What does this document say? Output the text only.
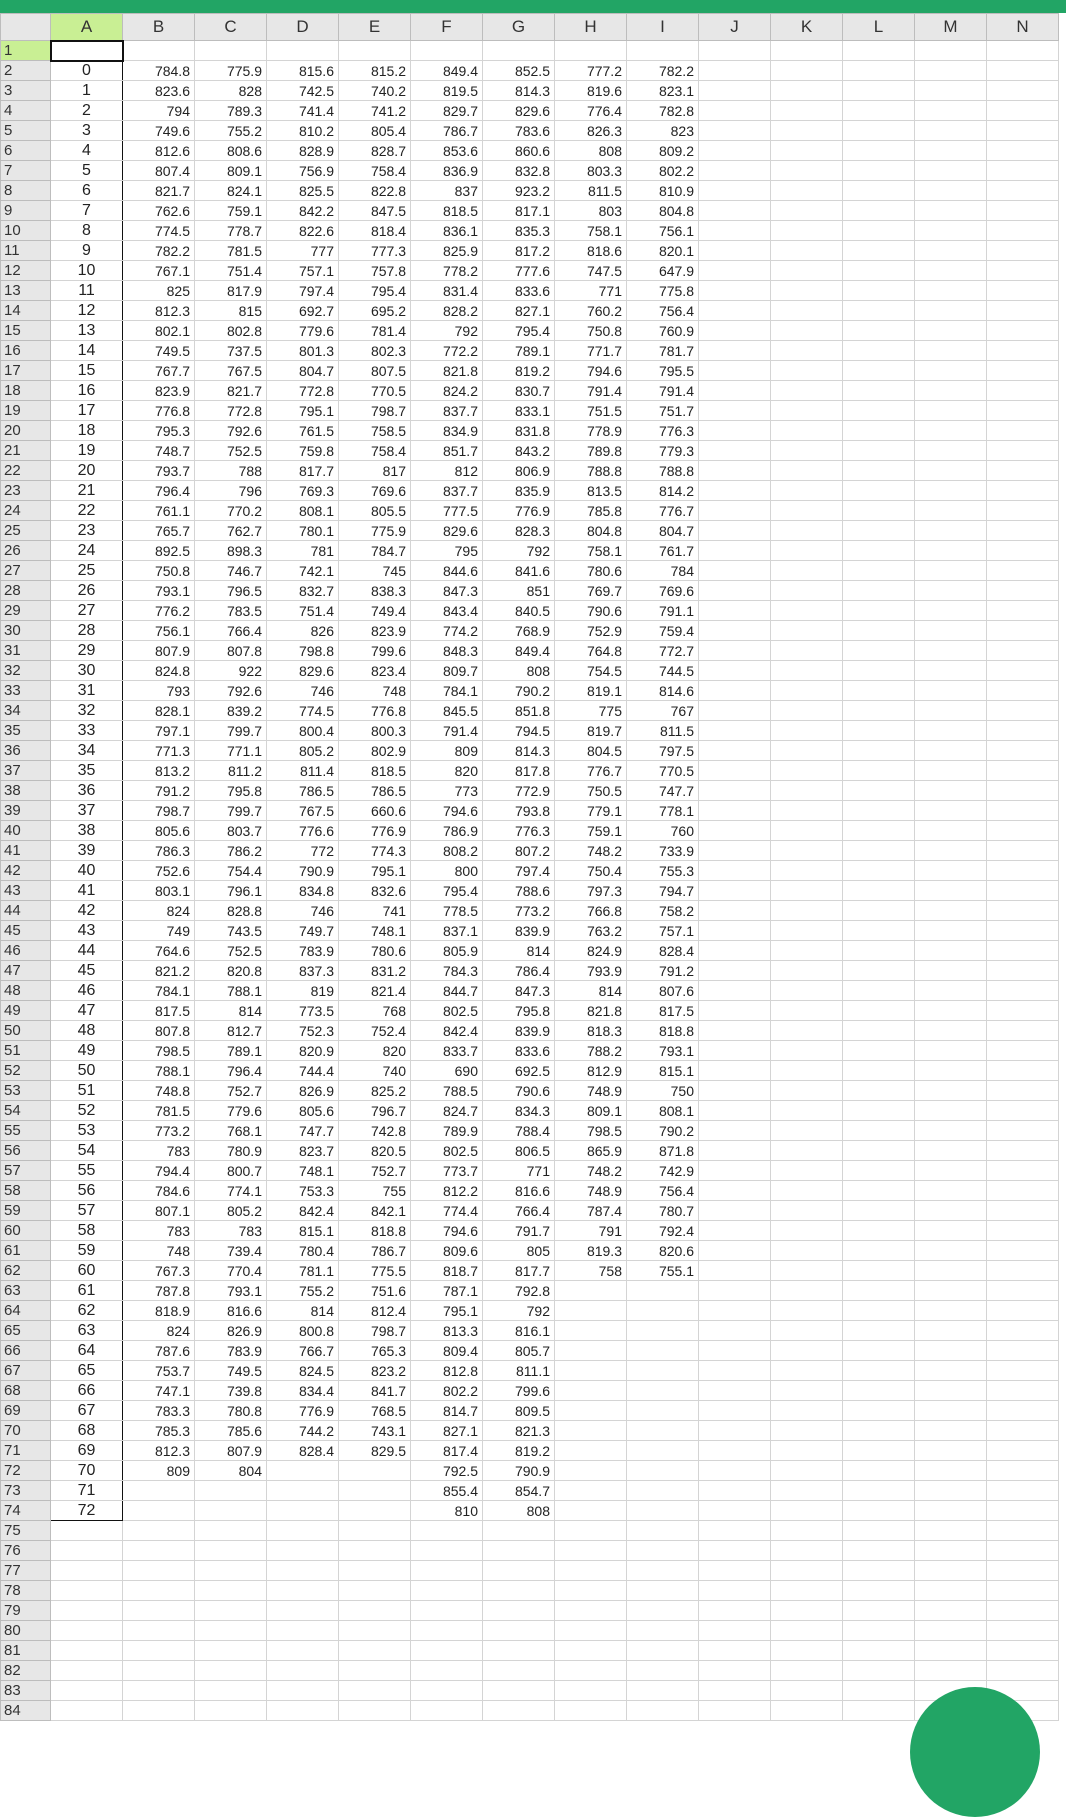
	A	B	C	D	E	F	G	H	I	J	K	L	M	N
1														
2	0	784.8	775.9	815.6	815.2	849.4	852.5	777.2	782.2					
3	1	823.6	828	742.5	740.2	819.5	814.3	819.6	823.1					
4	2	794	789.3	741.4	741.2	829.7	829.6	776.4	782.8					
5	3	749.6	755.2	810.2	805.4	786.7	783.6	826.3	823					
6	4	812.6	808.6	828.9	828.7	853.6	860.6	808	809.2					
7	5	807.4	809.1	756.9	758.4	836.9	832.8	803.3	802.2					
8	6	821.7	824.1	825.5	822.8	837	923.2	811.5	810.9					
9	7	762.6	759.1	842.2	847.5	818.5	817.1	803	804.8					
10	8	774.5	778.7	822.6	818.4	836.1	835.3	758.1	756.1					
11	9	782.2	781.5	777	777.3	825.9	817.2	818.6	820.1					
12	10	767.1	751.4	757.1	757.8	778.2	777.6	747.5	647.9					
13	11	825	817.9	797.4	795.4	831.4	833.6	771	775.8					
14	12	812.3	815	692.7	695.2	828.2	827.1	760.2	756.4					
15	13	802.1	802.8	779.6	781.4	792	795.4	750.8	760.9					
16	14	749.5	737.5	801.3	802.3	772.2	789.1	771.7	781.7					
17	15	767.7	767.5	804.7	807.5	821.8	819.2	794.6	795.5					
18	16	823.9	821.7	772.8	770.5	824.2	830.7	791.4	791.4					
19	17	776.8	772.8	795.1	798.7	837.7	833.1	751.5	751.7					
20	18	795.3	792.6	761.5	758.5	834.9	831.8	778.9	776.3					
21	19	748.7	752.5	759.8	758.4	851.7	843.2	789.8	779.3					
22	20	793.7	788	817.7	817	812	806.9	788.8	788.8					
23	21	796.4	796	769.3	769.6	837.7	835.9	813.5	814.2					
24	22	761.1	770.2	808.1	805.5	777.5	776.9	785.8	776.7					
25	23	765.7	762.7	780.1	775.9	829.6	828.3	804.8	804.7					
26	24	892.5	898.3	781	784.7	795	792	758.1	761.7					
27	25	750.8	746.7	742.1	745	844.6	841.6	780.6	784					
28	26	793.1	796.5	832.7	838.3	847.3	851	769.7	769.6					
29	27	776.2	783.5	751.4	749.4	843.4	840.5	790.6	791.1					
30	28	756.1	766.4	826	823.9	774.2	768.9	752.9	759.4					
31	29	807.9	807.8	798.8	799.6	848.3	849.4	764.8	772.7					
32	30	824.8	922	829.6	823.4	809.7	808	754.5	744.5					
33	31	793	792.6	746	748	784.1	790.2	819.1	814.6					
34	32	828.1	839.2	774.5	776.8	845.5	851.8	775	767					
35	33	797.1	799.7	800.4	800.3	791.4	794.5	819.7	811.5					
36	34	771.3	771.1	805.2	802.9	809	814.3	804.5	797.5					
37	35	813.2	811.2	811.4	818.5	820	817.8	776.7	770.5					
38	36	791.2	795.8	786.5	786.5	773	772.9	750.5	747.7					
39	37	798.7	799.7	767.5	660.6	794.6	793.8	779.1	778.1					
40	38	805.6	803.7	776.6	776.9	786.9	776.3	759.1	760					
41	39	786.3	786.2	772	774.3	808.2	807.2	748.2	733.9					
42	40	752.6	754.4	790.9	795.1	800	797.4	750.4	755.3					
43	41	803.1	796.1	834.8	832.6	795.4	788.6	797.3	794.7					
44	42	824	828.8	746	741	778.5	773.2	766.8	758.2					
45	43	749	743.5	749.7	748.1	837.1	839.9	763.2	757.1					
46	44	764.6	752.5	783.9	780.6	805.9	814	824.9	828.4					
47	45	821.2	820.8	837.3	831.2	784.3	786.4	793.9	791.2					
48	46	784.1	788.1	819	821.4	844.7	847.3	814	807.6					
49	47	817.5	814	773.5	768	802.5	795.8	821.8	817.5					
50	48	807.8	812.7	752.3	752.4	842.4	839.9	818.3	818.8					
51	49	798.5	789.1	820.9	820	833.7	833.6	788.2	793.1					
52	50	788.1	796.4	744.4	740	690	692.5	812.9	815.1					
53	51	748.8	752.7	826.9	825.2	788.5	790.6	748.9	750					
54	52	781.5	779.6	805.6	796.7	824.7	834.3	809.1	808.1					
55	53	773.2	768.1	747.7	742.8	789.9	788.4	798.5	790.2					
56	54	783	780.9	823.7	820.5	802.5	806.5	865.9	871.8					
57	55	794.4	800.7	748.1	752.7	773.7	771	748.2	742.9					
58	56	784.6	774.1	753.3	755	812.2	816.6	748.9	756.4					
59	57	807.1	805.2	842.4	842.1	774.4	766.4	787.4	780.7					
60	58	783	783	815.1	818.8	794.6	791.7	791	792.4					
61	59	748	739.4	780.4	786.7	809.6	805	819.3	820.6					
62	60	767.3	770.4	781.1	775.5	818.7	817.7	758	755.1					
63	61	787.8	793.1	755.2	751.6	787.1	792.8							
64	62	818.9	816.6	814	812.4	795.1	792							
65	63	824	826.9	800.8	798.7	813.3	816.1							
66	64	787.6	783.9	766.7	765.3	809.4	805.7							
67	65	753.7	749.5	824.5	823.2	812.8	811.1							
68	66	747.1	739.8	834.4	841.7	802.2	799.6							
69	67	783.3	780.8	776.9	768.5	814.7	809.5							
70	68	785.3	785.6	744.2	743.1	827.1	821.3							
71	69	812.3	807.9	828.4	829.5	817.4	819.2							
72	70	809	804			792.5	790.9							
73	71					855.4	854.7							
74	72					810	808							
75														
76														
77														
78														
79														
80														
81														
82														
83														
84														
